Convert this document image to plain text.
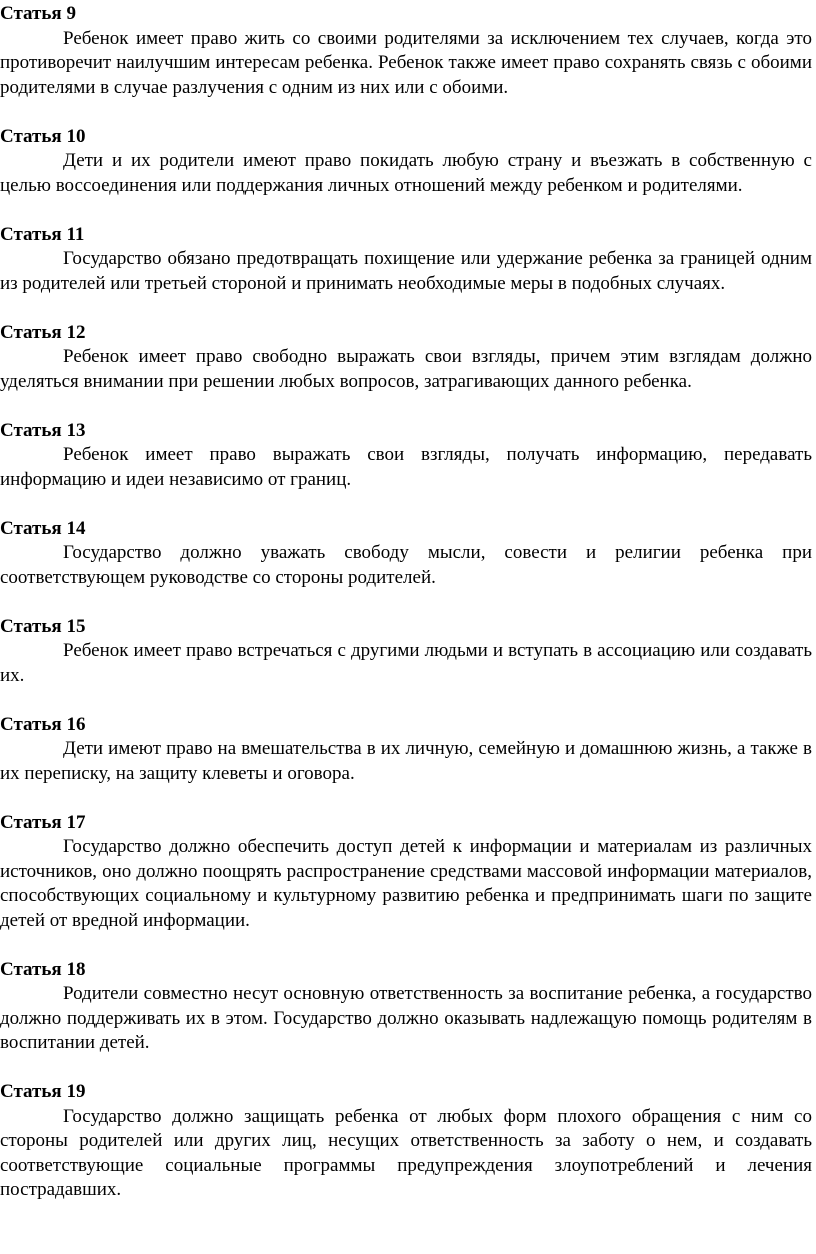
Статья 9

Ребенок имеет право жить со своими родителями за исключением тех случаев, когда это противоречит наилучшим интересам ребенка. Ребенок также имеет право сохранять связь с обоими родителями в случае разлучения с одним из них или с обоими.

Статья 10

Дети и их родители имеют право покидать любую страну и въезжать в собственную с целью воссоединения или поддержания личных отношений между ребенком и родителями.

Статья 11

Государство обязано предотвращать похищение или удержание ребенка за границей одним из родителей или третьей стороной и принимать необходимые меры в подобных случаях.

Статья 12

Ребенок имеет право свободно выражать свои взгляды, причем этим взглядам должно уделяться внимании при решении любых вопросов, затрагивающих данного ребенка.

Статья 13

Ребенок имеет право выражать свои взгляды, получать информацию, передавать информацию и идеи независимо от границ.

Статья 14

Государство должно уважать свободу мысли, совести и религии ребенка при соответствующем руководстве со стороны родителей.

Статья 15

Ребенок имеет право встречаться с другими людьми и вступать в ассоциацию или создавать их.

Статья 16

Дети имеют право на вмешательства в их личную, семейную и домашнюю жизнь, а также в их переписку, на защиту клеветы и оговора.

Статья 17

Государство должно обеспечить доступ детей к информации и материалам из различных источников, оно должно поощрять распространение средствами массовой информации материалов, способствующих социальному и культурному развитию ребенка и предпринимать шаги по защите детей от вредной информации.

Статья 18

Родители совместно несут основную ответственность за воспитание ребенка, а государство должно поддерживать их в этом. Государство должно оказывать надлежащую помощь родителям в воспитании детей.

Статья 19

Государство должно защищать ребенка от любых форм плохого обращения с ним со стороны родителей или других лиц, несущих ответственность за заботу о нем, и создавать соответствующие социальные программы предупреждения злоупотреблений и лечения пострадавших.
